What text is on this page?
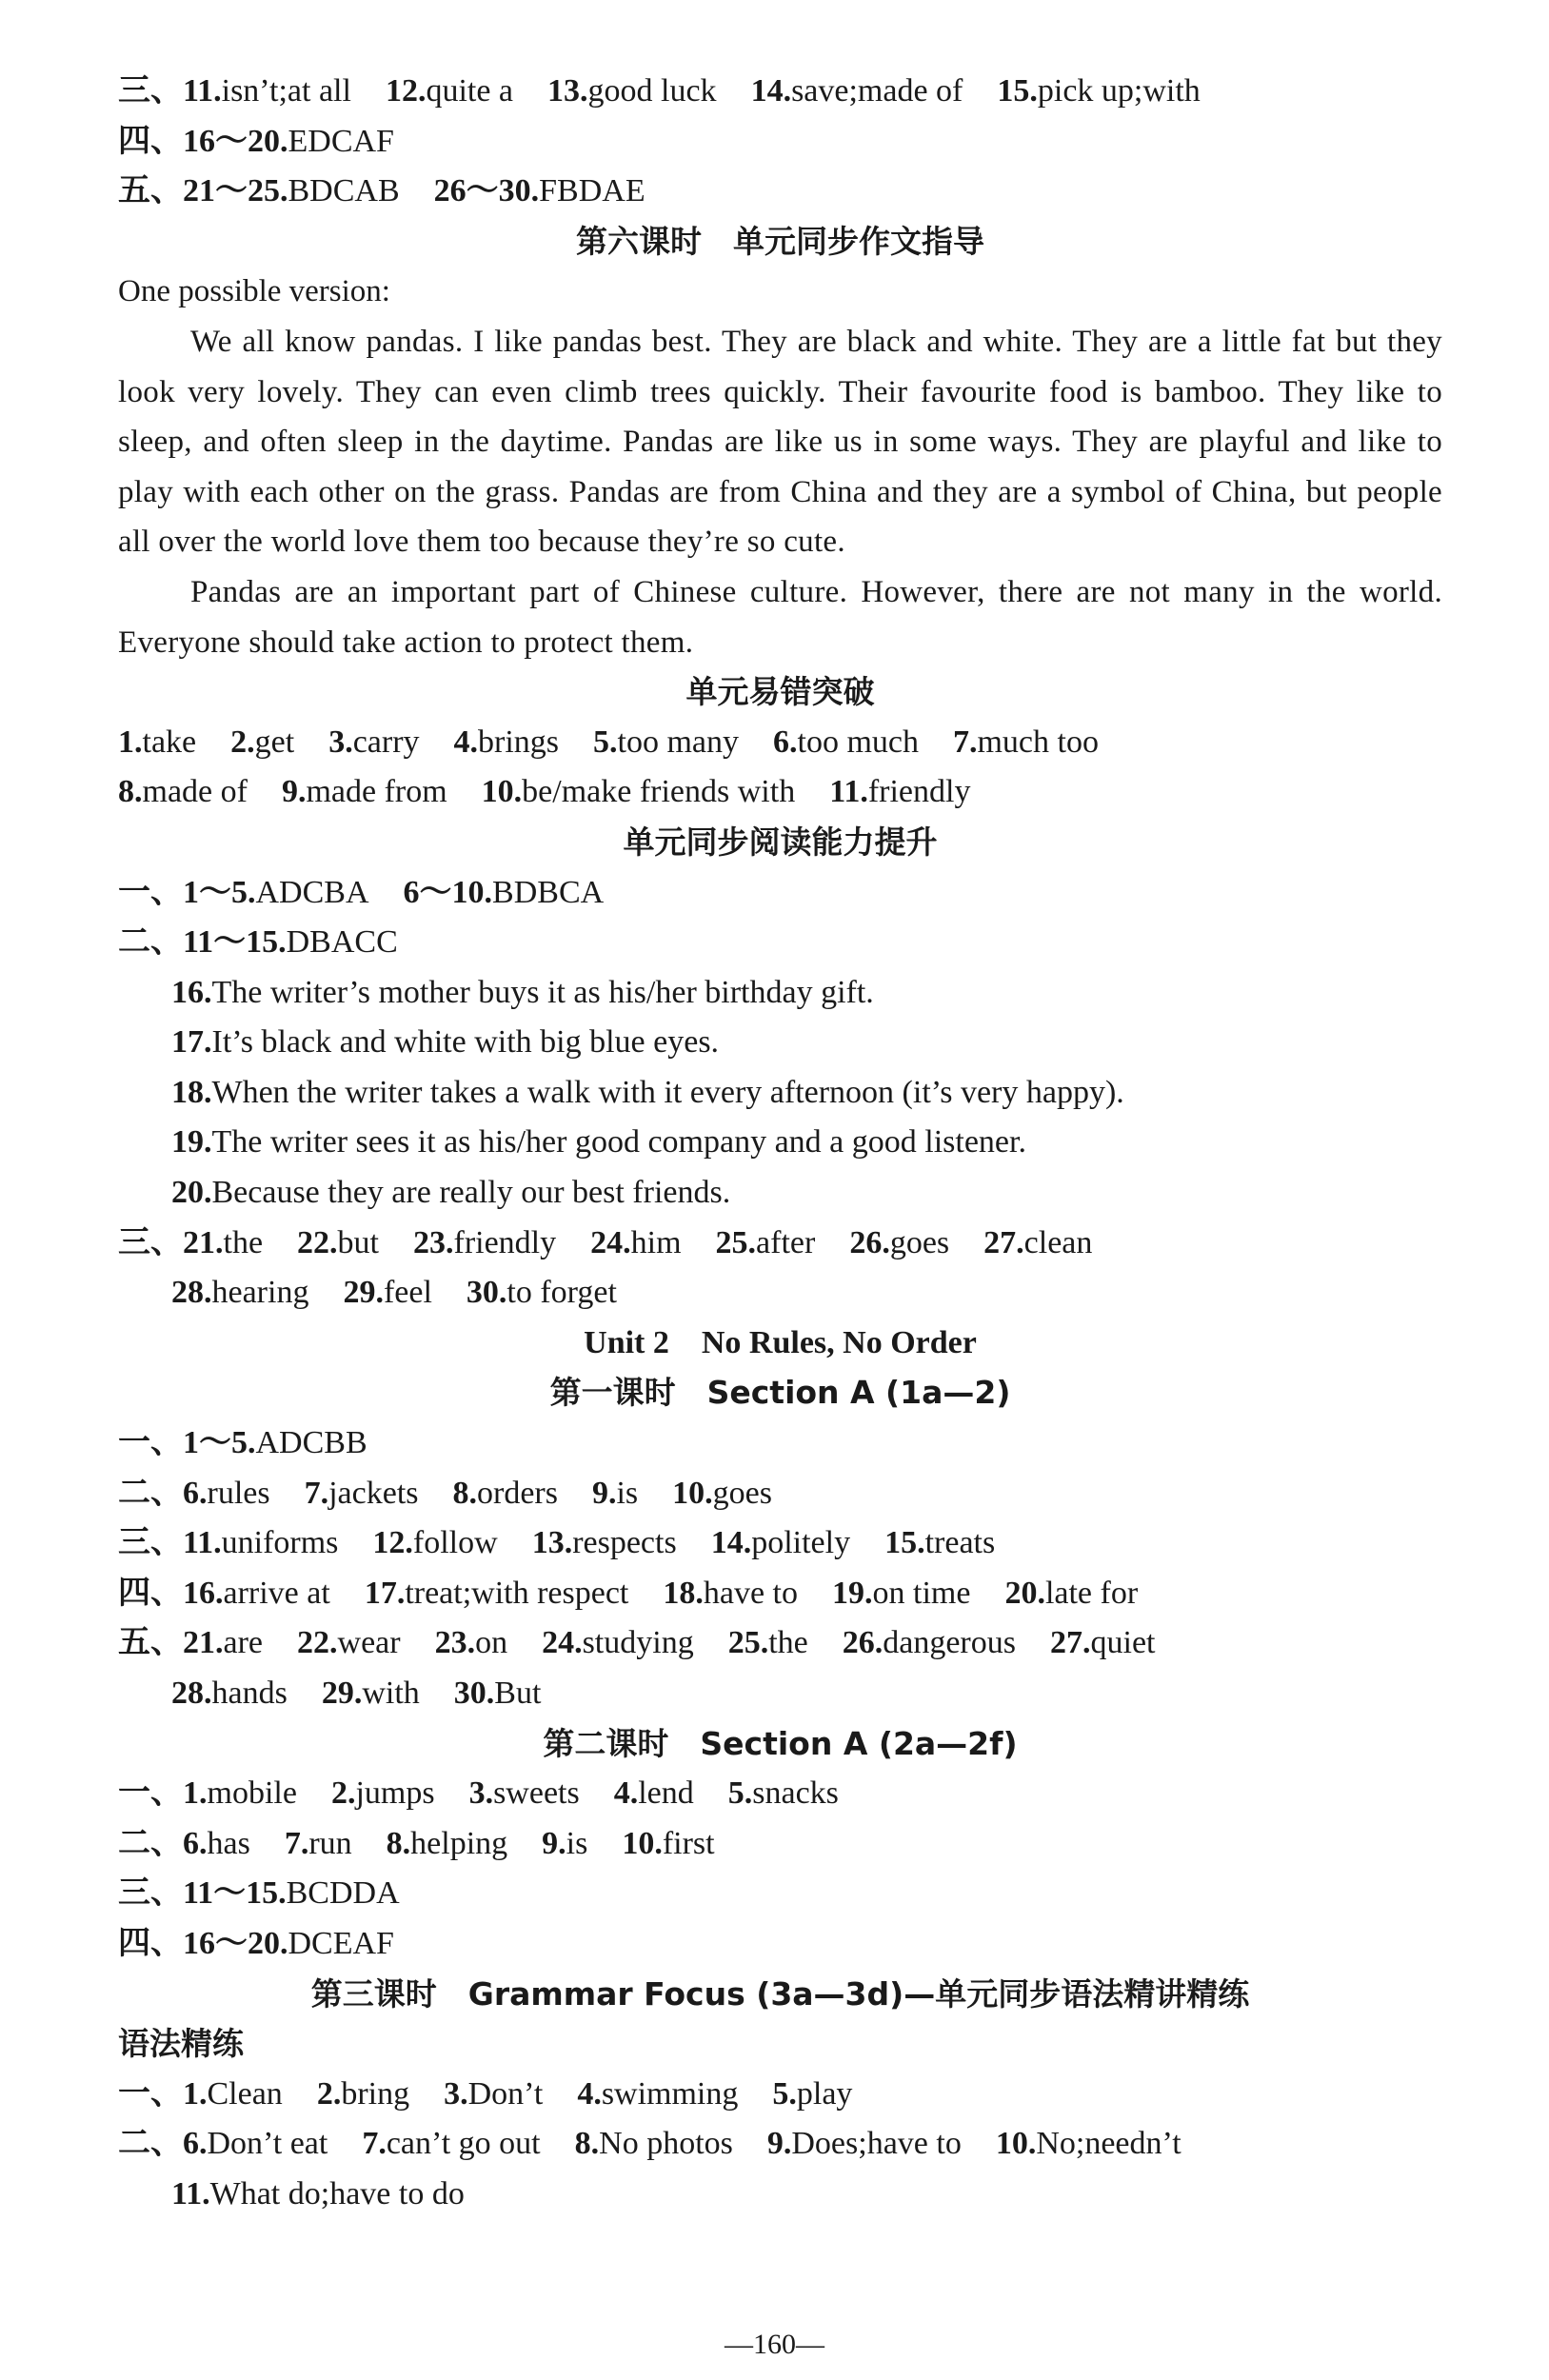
三、11.isn’t;at all 12.quite a 13.good luck 14.save;made of 15.pick up;with
四、16～20.EDCAF
五、21～25.BDCAB 26～30.FBDAE
第六课时　单元同步作文指导
One possible version:

We all know pandas. I like pandas best. They are black and white. They are a little fat but they look very lovely. They can even climb trees quickly. Their favourite food is bamboo. They like to sleep, and often sleep in the daytime. Pandas are like us in some ways. They are playful and like to play with each other on the grass. Pandas are from China and they are a symbol of China, but people all over the world love them too because they’re so cute.

Pandas are an important part of Chinese culture. However, there are not many in the world. Everyone should take action to protect them.

单元易错突破
1.take 2.get 3.carry 4.brings 5.too many 6.too much 7.much too
8.made of 9.made from 10.be/make friends with 11.friendly
单元同步阅读能力提升
一、1～5.ADCBA 6～10.BDBCA
二、11～15.DBACC
16.The writer’s mother buys it as his/her birthday gift.
17.It’s black and white with big blue eyes.
18.When the writer takes a walk with it every afternoon (it’s very happy).
19.The writer sees it as his/her good company and a good listener.
20.Because they are really our best friends.
三、21.the 22.but 23.friendly 24.him 25.after 26.goes 27.clean
28.hearing 29.feel 30.to forget
Unit 2　No Rules, No Order
第一课时　Section A (1a—2)
一、1～5.ADCBB
二、6.rules 7.jackets 8.orders 9.is 10.goes
三、11.uniforms 12.follow 13.respects 14.politely 15.treats
四、16.arrive at 17.treat;with respect 18.have to 19.on time 20.late for
五、21.are 22.wear 23.on 24.studying 25.the 26.dangerous 27.quiet
28.hands 29.with 30.But
第二课时　Section A (2a—2f)
一、1.mobile 2.jumps 3.sweets 4.lend 5.snacks
二、6.has 7.run 8.helping 9.is 10.first
三、11～15.BCDDA
四、16～20.DCEAF
第三课时　Grammar Focus (3a—3d)—单元同步语法精讲精练
语法精练
一、1.Clean 2.bring 3.Don’t 4.swimming 5.play
二、6.Don’t eat 7.can’t go out 8.No photos 9.Does;have to 10.No;needn’t
11.What do;have to do
—160—
